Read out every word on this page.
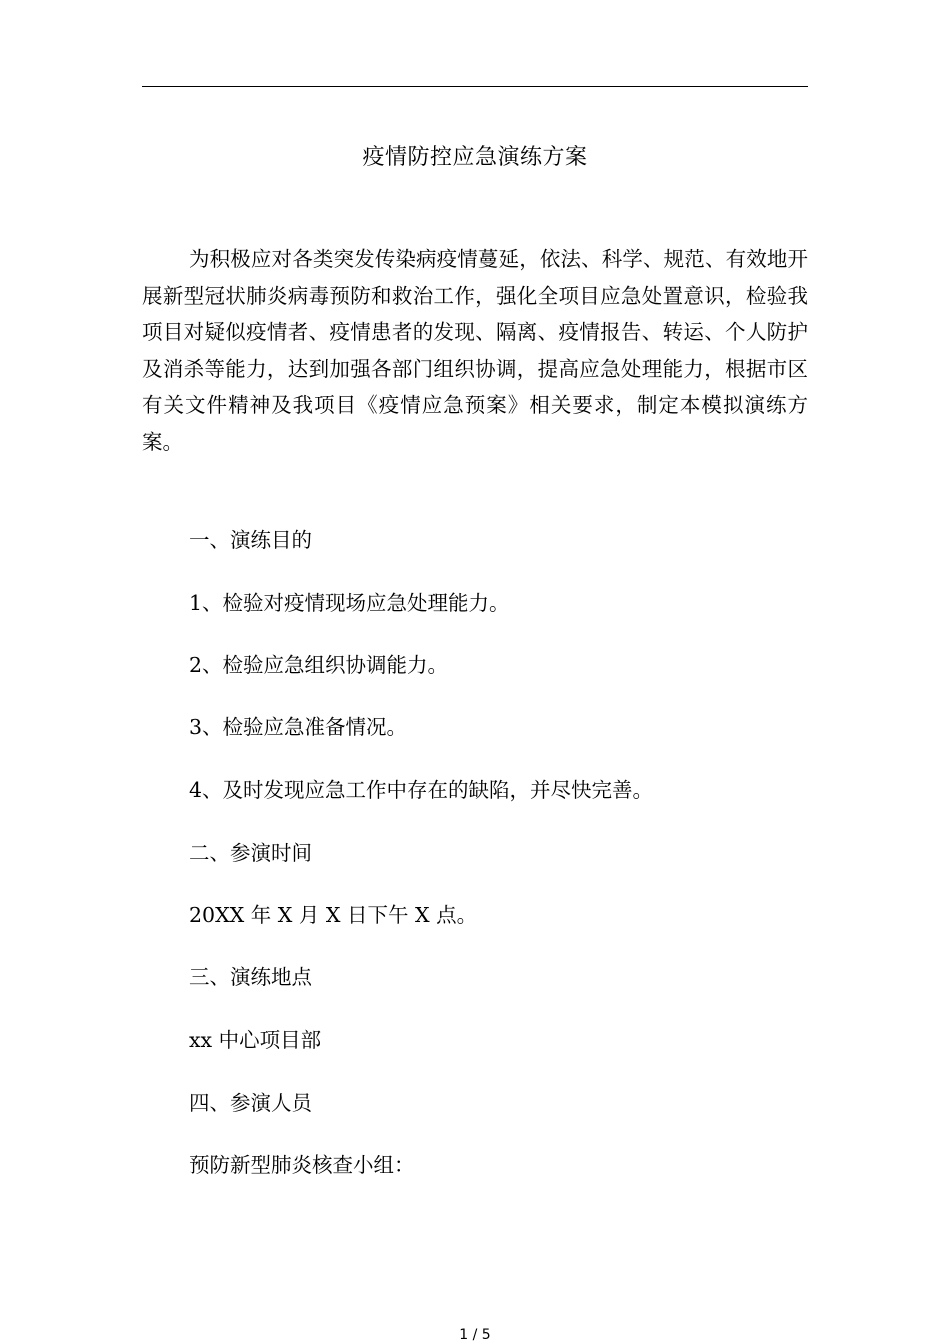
疫情防控应急演练方案

为积极应对各类突发传染病疫情蔓延，依法、科学、规范、有效地开展新型冠状肺炎病毒预防和救治工作，强化全项目应急处置意识，检验我项目对疑似疫情者、疫情患者的发现、隔离、疫情报告、转运、个人防护及消杀等能力，达到加强各部门组织协调，提高应急处理能力，根据市区有关文件精神及我项目《疫情应急预案》相关要求，制定本模拟演练方案。

一、演练目的

1、检验对疫情现场应急处理能力。

2、检验应急组织协调能力。

3、检验应急准备情况。

4、及时发现应急工作中存在的缺陷，并尽快完善。

二、参演时间

20XX 年 X 月 X 日下午 X 点。

三、演练地点

xx 中心项目部

四、参演人员

预防新型肺炎核查小组：

1 / 5
